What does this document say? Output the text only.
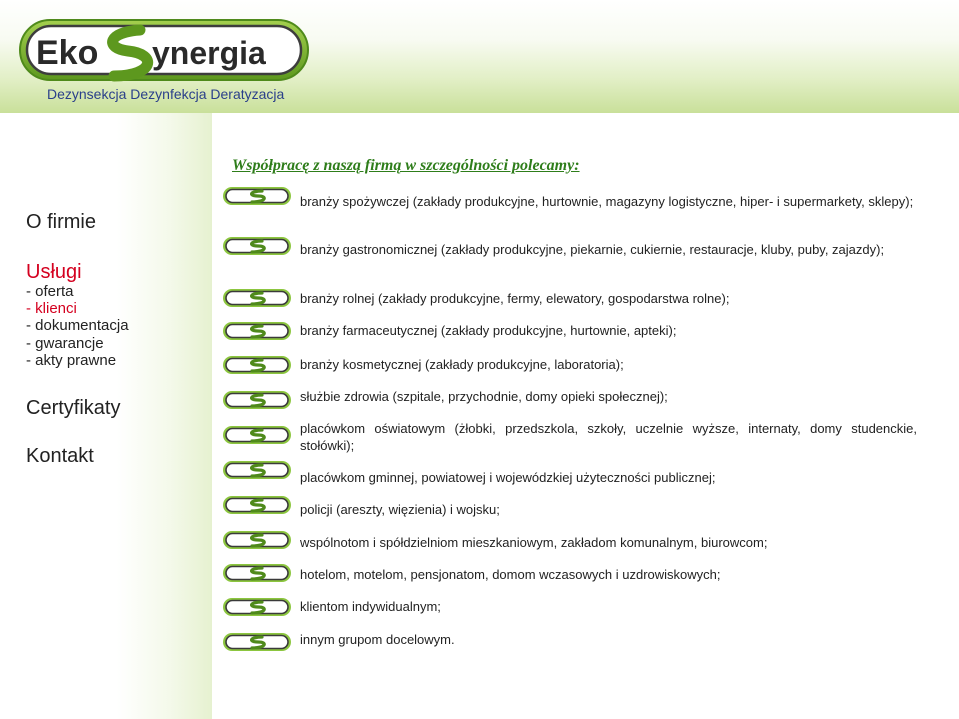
Eko ynergia
Dezynsekcja Dezynfekcja Deratyzacja
O firmie
Usługi
- oferta
- klienci
- dokumentacja
- gwarancje
- akty prawne
Certyfikaty
Kontakt
Współpracę z naszą firmą w szczególności polecamy:
branży spożywczej (zakłady produkcyjne, hurtownie, magazyny logistyczne, hiper- i supermarkety, sklepy);
branży gastronomicznej (zakłady produkcyjne, piekarnie, cukiernie, restauracje, kluby, puby, zajazdy);
branży rolnej (zakłady produkcyjne, fermy, elewatory, gospodarstwa rolne);
branży farmaceutycznej (zakłady produkcyjne, hurtownie, apteki);
branży kosmetycznej (zakłady produkcyjne, laboratoria);
służbie zdrowia (szpitale, przychodnie, domy opieki społecznej);
placówkom oświatowym (żłobki, przedszkola, szkoły, uczelnie wyższe, internaty, domy studenckie, stołówki);
placówkom gminnej, powiatowej i wojewódzkiej użyteczności publicznej;
policji (areszty, więzienia) i wojsku;
wspólnotom i spółdzielniom mieszkaniowym, zakładom komunalnym, biurowcom;
hotelom, motelom, pensjonatom, domom wczasowych i uzdrowiskowych;
klientom indywidualnym;
innym grupom docelowym.
